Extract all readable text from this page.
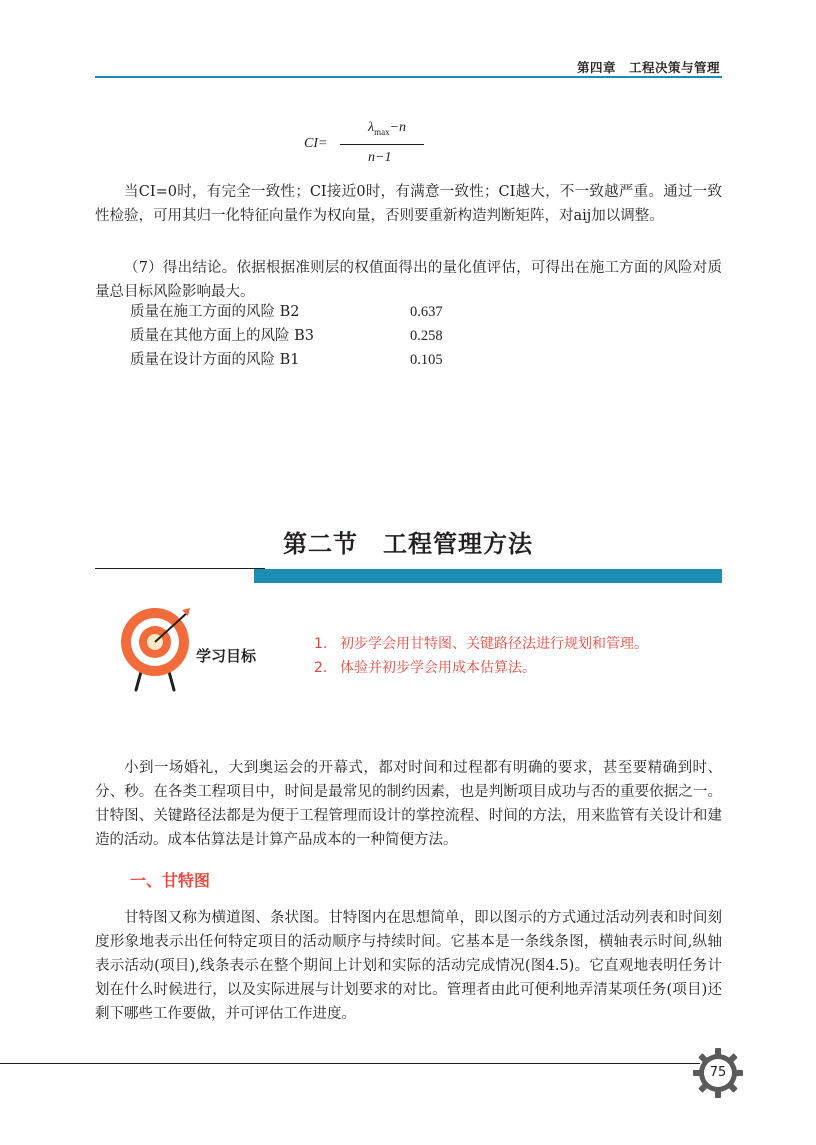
第四章　工程决策与管理
CI=
$\lambda_{max}-n$
n−1

当CI=0时，有完全一致性；CI接近0时，有满意一致性；CI越大，不一致越严重。通过一致性检验，可用其归一化特征向量作为权向量，否则要重新构造判断矩阵，对aij加以调整。

（7）得出结论。依据根据准则层的权值面得出的量化值评估，可得出在施工方面的风险对质量总目标风险影响最大。

质量在施工方面的风险 B2	0.637
质量在其他方面上的风险 B3	0.258
质量在设计方面的风险 B1	0.105
第二节　工程管理方法
学习目标
1. 初步学会用甘特图、关键路径法进行规划和管理。
2. 体验并初步学会用成本估算法。

小到一场婚礼，大到奥运会的开幕式，都对时间和过程都有明确的要求，甚至要精确到时、分、秒。在各类工程项目中，时间是最常见的制约因素，也是判断项目成功与否的重要依据之一。甘特图、关键路径法都是为便于工程管理而设计的掌控流程、时间的方法，用来监管有关设计和建造的活动。成本估算法是计算产品成本的一种简便方法。

一、甘特图

甘特图又称为横道图、条状图。甘特图内在思想简单，即以图示的方式通过活动列表和时间刻度形象地表示出任何特定项目的活动顺序与持续时间。它基本是一条线条图，横轴表示时间,纵轴表示活动(项目),线条表示在整个期间上计划和实际的活动完成情况(图4.5)。它直观地表明任务计划在什么时候进行，以及实际进展与计划要求的对比。管理者由此可便利地弄清某项任务(项目)还剩下哪些工作要做，并可评估工作进度。

75
